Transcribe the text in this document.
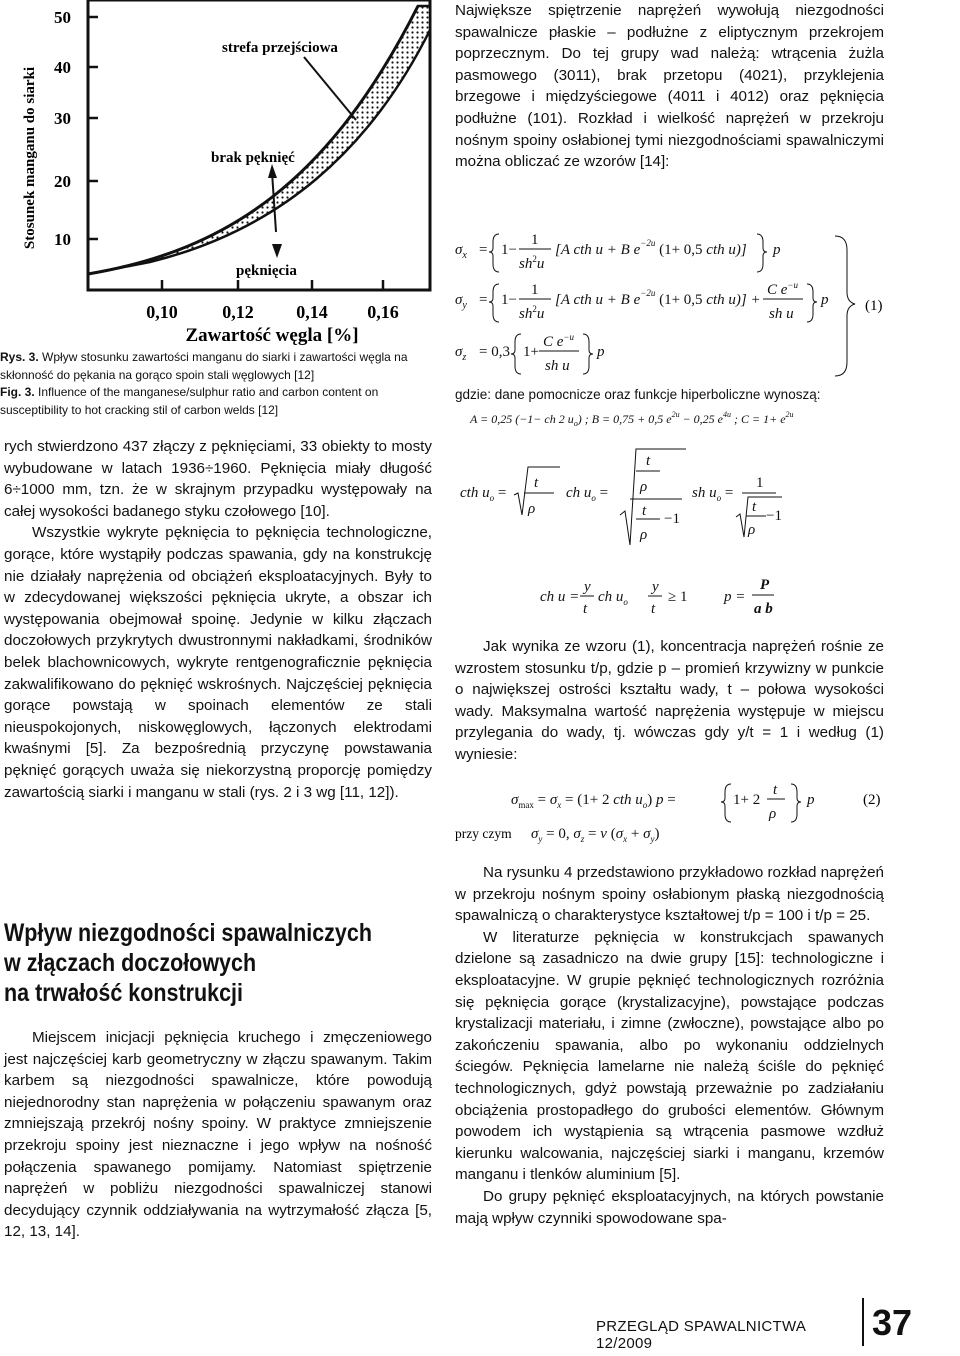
50
40
30
20
10
0,10 0,12 0,14 0,16
Zawartość węgla [%]
Stosunek manganu do siarki
strefa przejściowa
brak pęknięć
pęknięcia

Rys. 3. Wpływ stosunku zawartości manganu do siarki i zawartości węgla na skłonność do pękania na gorąco spoin stali węglowych [12]

Fig. 3. Influence of the manganese/sulphur ratio and carbon content on susceptibility to hot cracking stil of carbon welds [12]

rych stwierdzono 437 złączy z pęknięciami, 33 obiekty to mosty wybudowane w latach 1936÷1960. Pęknięcia miały długość 6÷1000 mm, tzn. że w skrajnym przypadku występowały na całej wysokości badanego styku czołowego [10].

Wszystkie wykryte pęknięcia to pęknięcia technologiczne, gorące, które wystąpiły podczas spawania, gdy na konstrukcję nie działały naprężenia od obciążeń eksploatacyjnych. Były to w zdecydowanej większości pęknięcia ukryte, a obszar ich występowania obejmował spoinę. Jedynie w kilku złączach doczołowych przykrytych dwustronnymi nakładkami, środników belek blachownicowych, wykryte rentgenograficznie pęknięcia zakwalifikowano do pęknięć wskrośnych. Najczęściej pęknięcia gorące powstają w spoinach elementów ze stali nieuspokojonych, niskowęglowych, łączonych elektrodami kwaśnymi [5]. Za bezpośrednią przyczynę powstawania pęknięć gorących uważa się niekorzystną proporcję pomiędzy zawartością siarki i manganu w stali (rys. 2 i 3 wg [11, 12]).

Wpływ niezgodności spawalniczych

w złączach doczołowych

na trwałość konstrukcji

Miejscem inicjacji pęknięcia kruchego i zmęczeniowego jest najczęściej karb geometryczny w złączu spawanym. Takim karbem są niezgodności spawalnicze, które powodują niejednorodny stan naprężenia w połączeniu spawanym oraz zmniejszają przekrój nośny spoiny. W praktyce zmniejszenie przekroju spoiny jest nieznaczne i jego wpływ na nośność połączenia spawanego pomijamy. Natomiast spiętrzenie naprężeń w pobliżu niezgodności spawalniczej stanowi decydujący czynnik oddziaływania na wytrzymałość złącza [5, 12, 13, 14].

Największe spiętrzenie naprężeń wywołują niezgodności spawalnicze płaskie – podłużne z eliptycznym przekrojem poprzecznym. Do tej grupy wad należą: wtrącenia żużla pasmowego (3011), brak przetopu (4021), przyklejenia brzegowe i międzyściegowe (4011 i 4012) oraz pęknięcia podłużne (101). Rozkład i wielkość naprężeń w przekroju nośnym spoiny osłabionej tymi niezgodnościami spawalniczymi można obliczać ze wzorów [14]:

$\sigma_x = 1-$
1
$sh^2u$
[A cth u + B $e^{-2u}$ (1+ 0,5 cth u)] p
$\sigma_y = 1-$
1
$sh^2u$
[A cth u + B $e^{-2u}$ (1+ 0,5 cth u)] +
C $e^{-u}$
sh u
p
$\sigma_z = 0,3$ 1+
C $e^{-u}$
sh u
p
(1)

gdzie: dane pomocnicze oraz funkcje hiperboliczne wynoszą:

A = 0,25 (−1− ch 2 $u_o$) ; B = 0,75 + 0,5 $e^{2u} - 0,25$ $e^{4u}$ ; $C = 1+ e^{2u}$
cth $u_o$ =
t
ρ
ch $u_o$ =
t
ρ
t
ρ
−1
sh $u_o$ =
1
t
ρ
−1
ch u =
y
t
ch $u_o$
y
t
≥ 1 p =
P
a b

Jak wynika ze wzoru (1), koncentracja naprężeń rośnie ze wzrostem stosunku t/p, gdzie p – promień krzywizny w punkcie o największej ostrości kształtu wady, t – połowa wysokości wady. Maksymalna wartość naprężenia występuje w miejscu przylegania do wady, tj. wówczas gdy y/t = 1 i według (1) wyniesie:

$\sigma_{max} = \sigma_x = (1+ 2$ cth $u_o$) p =	1+ 2
t
ρ
p
$\sigma_y = 0$, $\sigma_z = \nu$ $(\sigma_x + \sigma_y)$
przy czym
(2)

Na rysunku 4 przedstawiono przykładowo rozkład naprężeń w przekroju nośnym spoiny osłabionym płaską niezgodnością spawalniczą o charakterystyce kształtowej t/p = 100 i t/p = 25.

W literaturze pęknięcia w konstrukcjach spawanych dzielone są zasadniczo na dwie grupy [15]: technologiczne i eksploatacyjne. W grupie pęknięć technologicznych rozróżnia się pęknięcia gorące (krystalizacyjne), powstające podczas krystalizacji materiału, i zimne (zwłoczne), powstające albo po zakończeniu spawania, albo po wykonaniu oddzielnych ściegów. Pęknięcia lamelarne nie należą ściśle do pęknięć technologicznych, gdyż powstają przeważnie po zadziałaniu obciążenia prostopadłego do grubości elementów. Głównym powodem ich wystąpienia są wtrącenia pasmowe wzdłuż kierunku walcowania, najczęściej siarki i manganu, krzemów manganu i tlenków aluminium [5].

Do grupy pęknięć eksploatacyjnych, na których powstanie mają wpływ czynniki spowodowane spa-

PRZEGLĄD SPAWALNICTWA 12/2009
37
